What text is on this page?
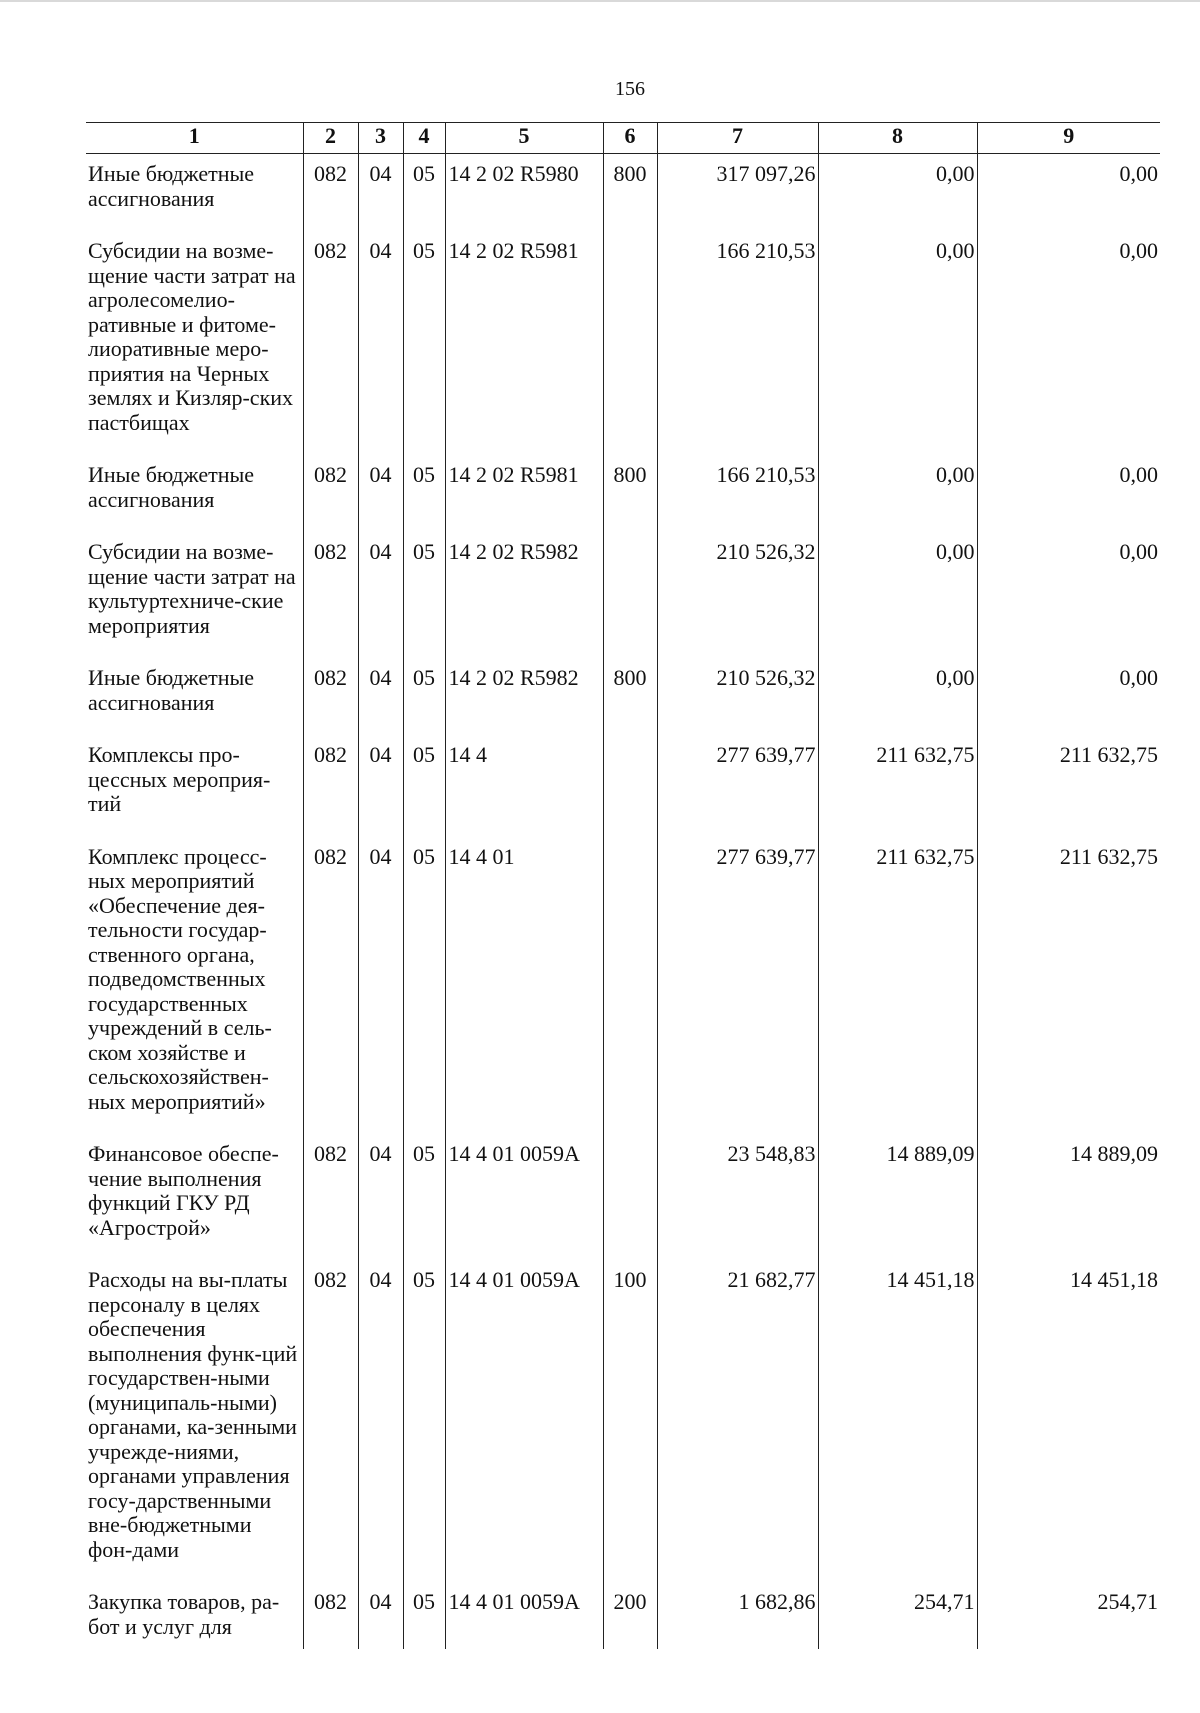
156
1	2	3	4	5	6	7	8	9
Иные бюджетные ассигнования	082	04	05	14 2 02 R5980	800	317 097,26	0,00	0,00
Субсидии на возме-щение части затрат на агролесомелио-ративные и фитоме-лиоративные меро-приятия на Черных землях и Кизляр-ских пастбищах	082	04	05	14 2 02 R5981		166 210,53	0,00	0,00
Иные бюджетные ассигнования	082	04	05	14 2 02 R5981	800	166 210,53	0,00	0,00
Субсидии на возме-щение части затрат на культуртехниче-ские мероприятия	082	04	05	14 2 02 R5982		210 526,32	0,00	0,00
Иные бюджетные ассигнования	082	04	05	14 2 02 R5982	800	210 526,32	0,00	0,00
Комплексы про-цессных мероприя-тий	082	04	05	14 4		277 639,77	211 632,75	211 632,75
Комплекс процесс-ных мероприятий «Обеспечение дея-тельности государ-ственного органа, подведомственных государственных учреждений в сель-ском хозяйстве и сельскохозяйствен-ных мероприятий»	082	04	05	14 4 01		277 639,77	211 632,75	211 632,75
Финансовое обеспе-чение выполнения функций ГКУ РД «Агрострой»	082	04	05	14 4 01 0059А		23 548,83	14 889,09	14 889,09
Расходы на вы-платы персоналу в целях обеспечения выполнения функ-ций государствен-ными (муниципаль-ными) органами, ка-зенными учрежде-ниями, органами управления госу-дарственными вне-бюджетными фон-дами	082	04	05	14 4 01 0059А	100	21 682,77	14 451,18	14 451,18
Закупка товаров, ра-бот и услуг для	082	04	05	14 4 01 0059А	200	1 682,86	254,71	254,71
